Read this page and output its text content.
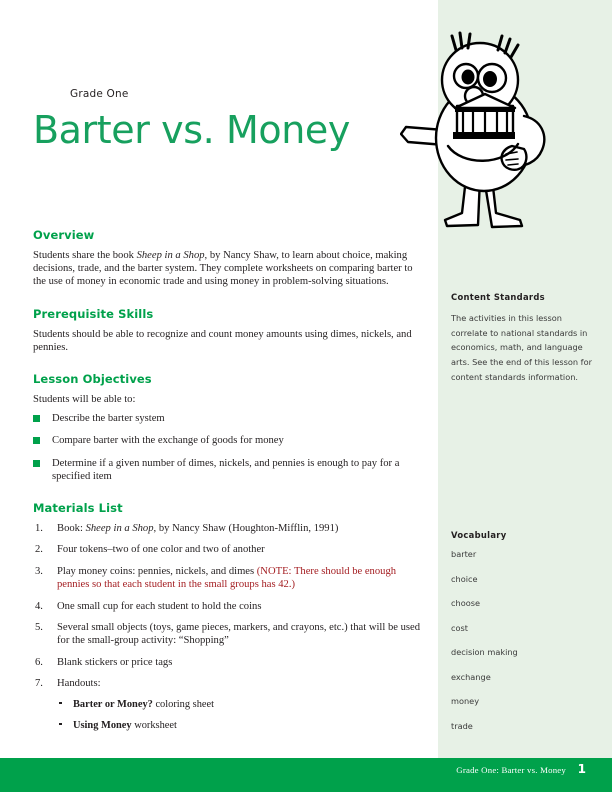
Grade One
Barter vs. Money
Overview

Students share the book Sheep in a Shop, by Nancy Shaw, to learn about choice, making decisions, trade, and the barter system. They complete worksheets on comparing barter to the use of money in economic trade and using money in problem-solving situations.

Prerequisite Skills

Students should be able to recognize and count money amounts using dimes, nickels, and pennies.

Lesson Objectives

Students will be able to:

Describe the barter system
Compare barter with the exchange of goods for money
Determine if a given number of dimes, nickels, and pennies is enough to pay for a specified item
Materials List
1.	Book: Sheep in a Shop, by Nancy Shaw (Houghton-Mifflin, 1991)
2.	Four tokens–two of one color and two of another
3.	Play money coins: pennies, nickels, and dimes (NOTE: There should be enough pennies so that each student in the small groups has 42.)
4.	One small cup for each student to hold the coins
5.	Several small objects (toys, game pieces, markers, and crayons, etc.) that will be used for the small-group activity: “Shopping”
6.	Blank stickers or price tags
7.	Handouts:
Barter or Money? coloring sheet
Using Money worksheet
Content Standards

The activities in this lesson correlate to national standards in economics, math, and language arts. See the end of this lesson for content standards information.

Vocabulary
barter
choice
choose
cost
decision making
exchange
money
trade
Grade One: Barter vs. Money 1
